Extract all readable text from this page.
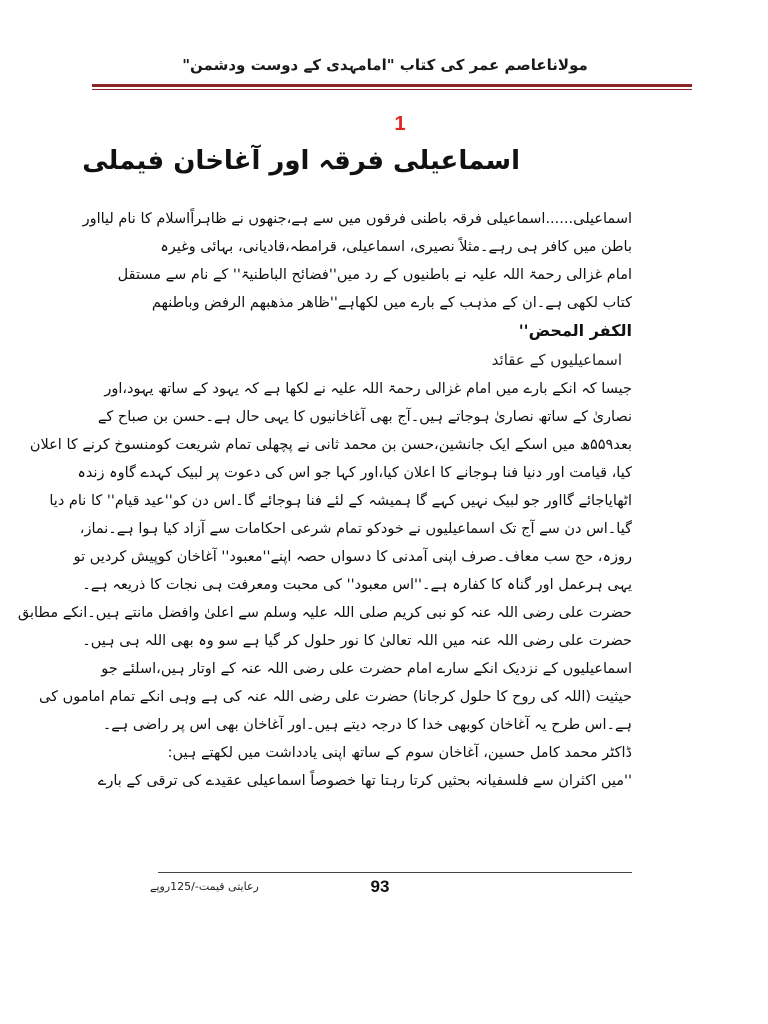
مولاناعاصم عمر کی کتاب "امامہدی کے دوست ودشمن"
1
اسماعیلی فرقہ اور آغاخان فیملی
اسماعیلی......اسماعیلی فرقہ باطنی فرقوں میں سے ہے،جنھوں نے ظاہراًاسلام کا نام لیااور
باطن میں کافر ہی رہے۔مثلاً نصیری، اسماعیلی، قرامطہ،قادیانی، بہائی وغیرہ
امام غزالی رحمۃ اللہ علیہ نے باطنیوں کے رد میں''فضائح الباطنیۃ'' کے نام سے مستقل
کتاب لکھی ہے۔ان کے مذہب کے بارے میں لکھاہے''ظاهر مذهبهم الرفض وباطنهم
الکفر المحض''
اسماعیلیوں کے عقائد
جیسا کہ انکے بارے میں امام غزالی رحمۃ اللہ علیہ نے لکھا ہے کہ یہود کے ساتھ یہود،اور
نصاریٰ کے ساتھ نصاریٰ ہوجاتے ہیں۔آج بھی آغاخانیوں کا یہی حال ہے۔حسن بن صباح کے
بعد۵۵۹ھ میں اسکے ایک جانشین،حسن بن محمد ثانی نے پچھلی تمام شریعت کومنسوخ کرنے کا اعلان
کیا، قیامت اور دنیا فنا ہوجانے کا اعلان کیا،اور کہا جو اس کی دعوت پر لبیک کہدے گاوہ زندہ
اٹھایاجائے گااور جو لبیک نہیں کہے گا ہمیشہ کے لئے فنا ہوجائے گا۔اس دن کو''عید قیام'' کا نام دیا
گیا۔اس دن سے آج تک اسماعیلیوں نے خودکو تمام شرعی احکامات سے آزاد کیا ہوا ہے۔نماز،
روزہ، حج سب معاف۔صرف اپنی آمدنی کا دسواں حصہ اپنے''معبود'' آغاخان کوپیش کردیں تو
یہی ہرعمل اور گناہ کا کفارہ ہے۔''اس معبود'' کی محبت ومعرفت ہی نجات کا ذریعہ ہے۔
حضرت علی رضی اللہ عنہ کو نبی کریم صلی اللہ علیہ وسلم سے اعلیٰ وافضل مانتے ہیں۔انکے مطابق
حضرت علی رضی اللہ عنہ میں اللہ تعالیٰ کا نور حلول کر گیا ہے سو وہ بھی اللہ ہی ہیں۔
اسماعیلیوں کے نزدیک انکے سارے امام حضرت علی رضی اللہ عنہ کے اوتار ہیں،اسلئے جو
حیثیت (اللہ کی روح کا حلول کرجانا) حضرت علی رضی اللہ عنہ کی ہے وہی انکے تمام اماموں کی
ہے۔اس طرح یہ آغاخان کوبھی خدا کا درجہ دیتے ہیں۔اور آغاخان بھی اس پر راضی ہے۔
ڈاکٹر محمد کامل حسین، آغاخان سوم کے ساتھ اپنی یادداشت میں لکھتے ہیں:
''میں اکثران سے فلسفیانہ بحثیں کرتا رہتا تھا خصوصاً اسماعیلی عقیدے کی ترقی کے بارے
93
رعایتی قیمت-/125روپے
